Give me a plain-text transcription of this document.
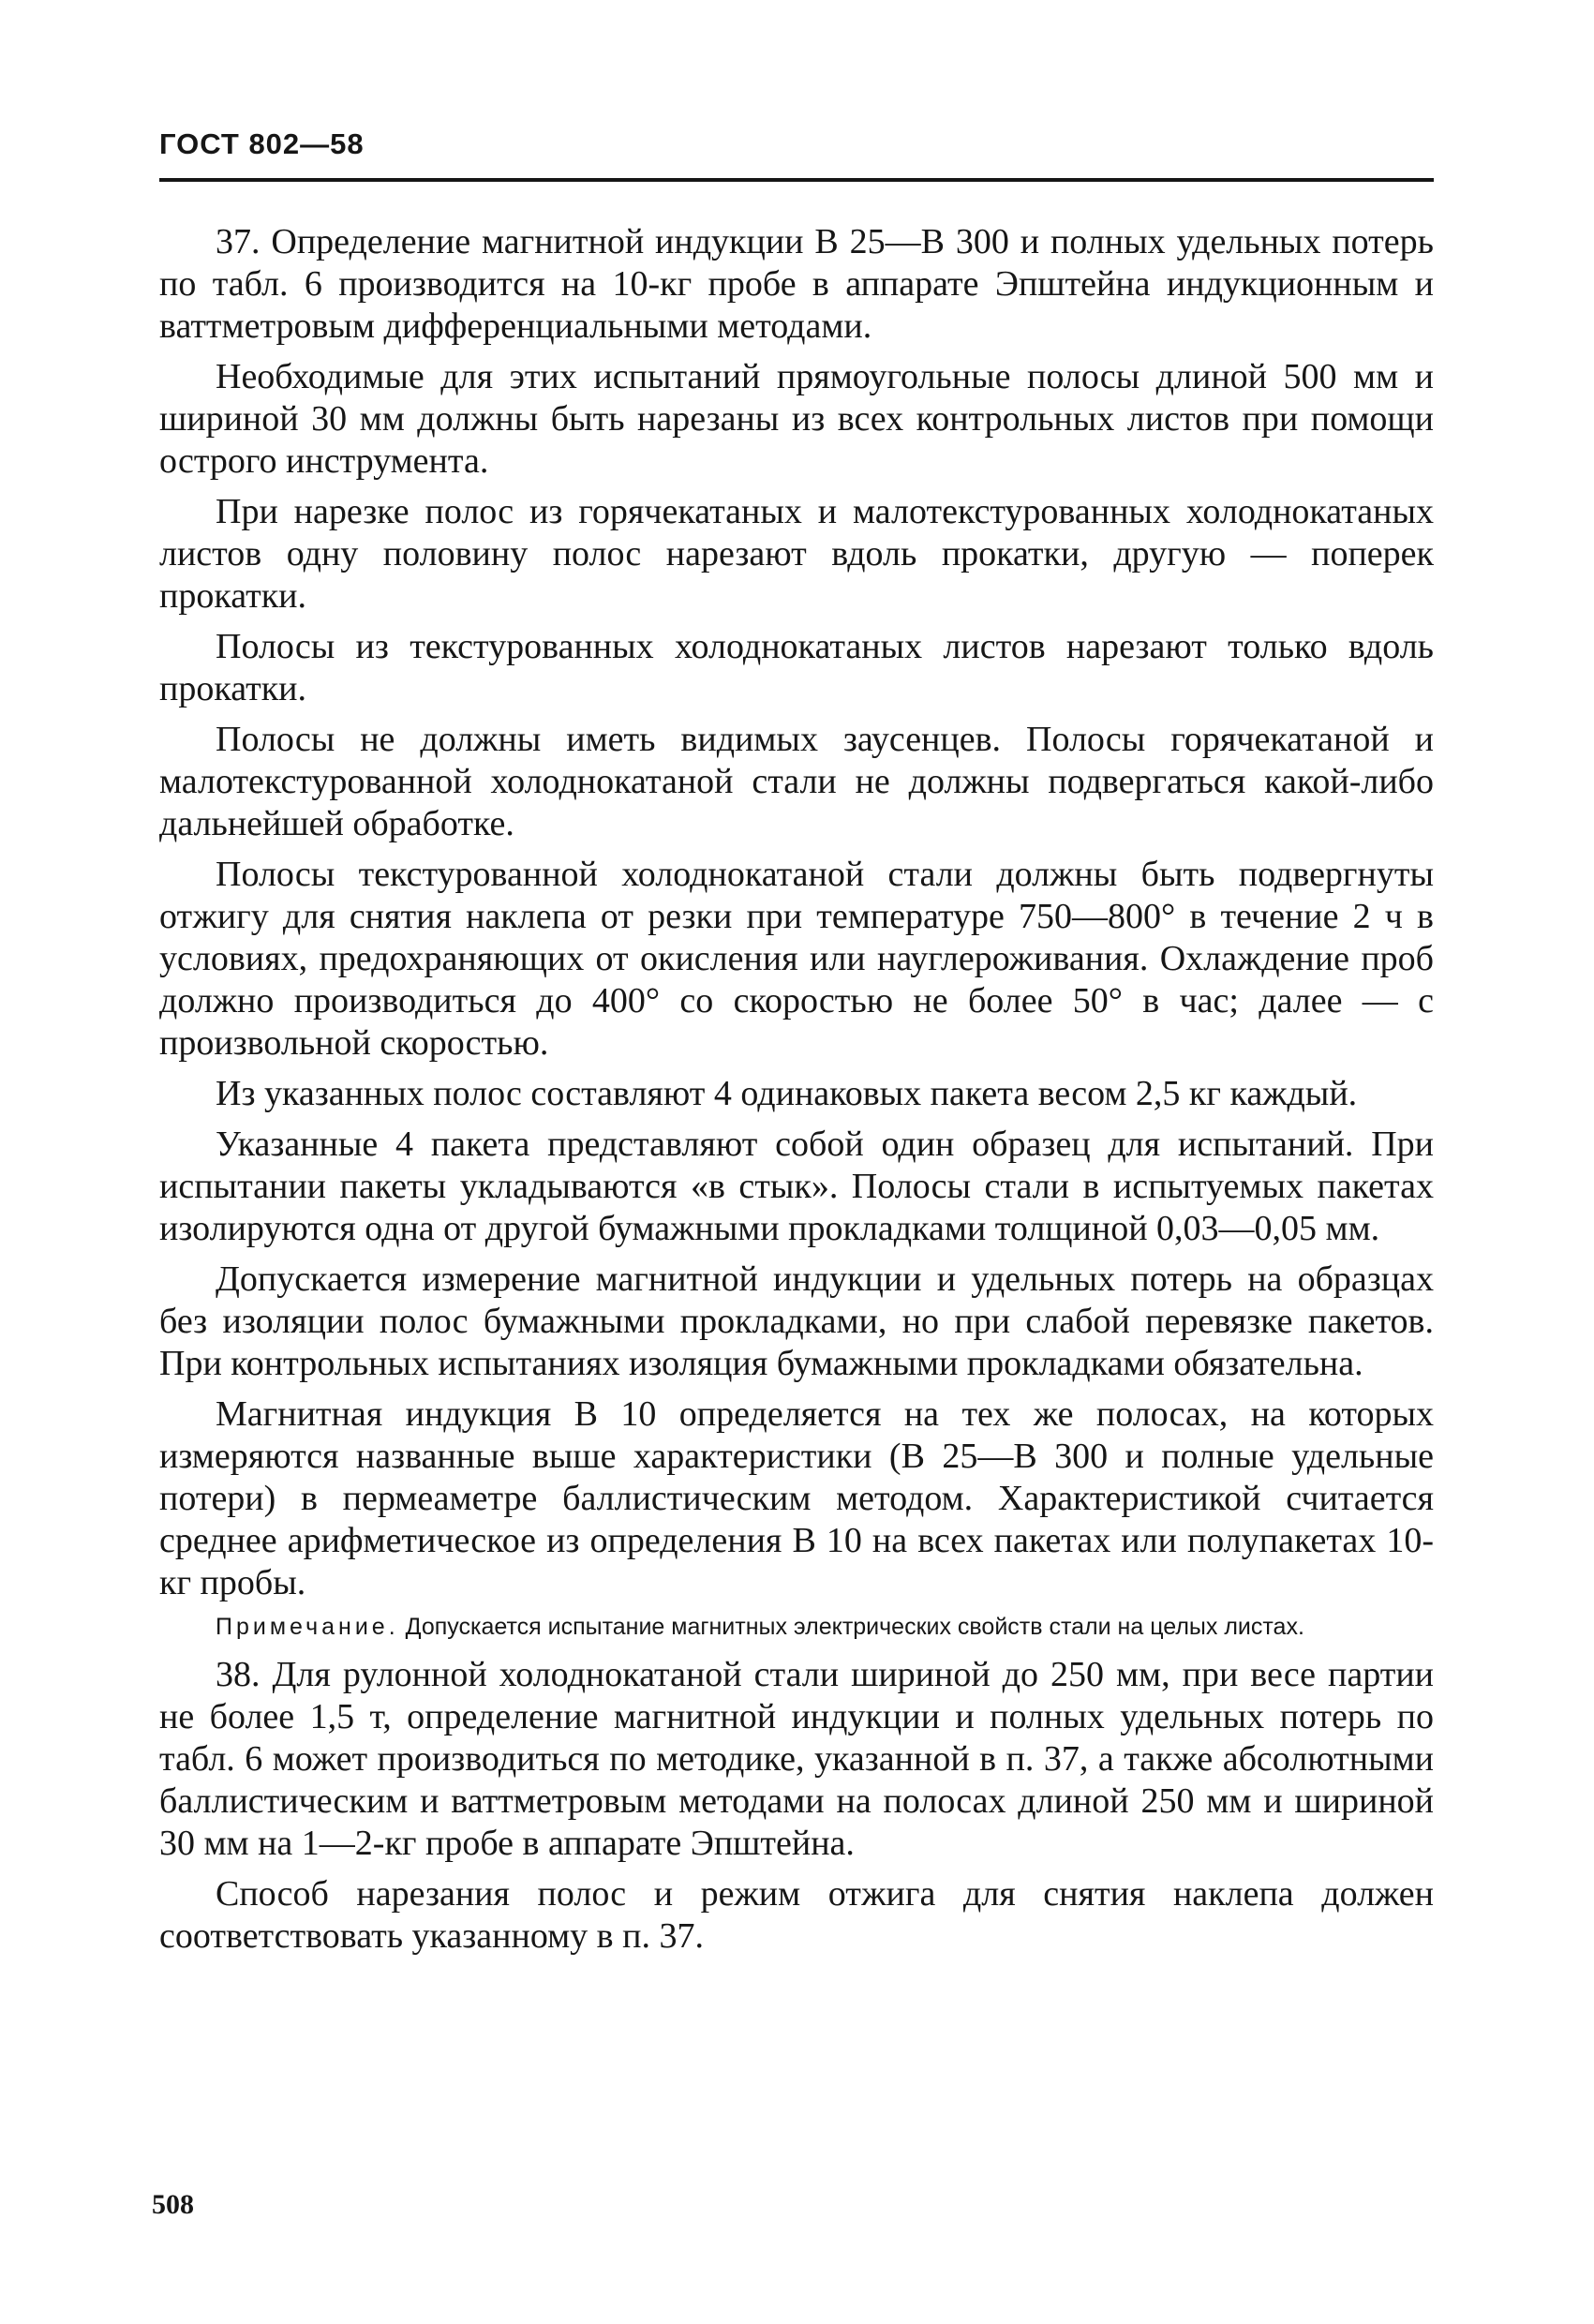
ГОСТ 802—58

37. Определение магнитной индукции В 25—В 300 и полных удельных потерь по табл. 6 производится на 10-кг пробе в аппарате Эпштейна индукционным и ваттметровым дифференциальными методами.

Необходимые для этих испытаний прямоугольные полосы длиной 500 мм и шириной 30 мм должны быть нарезаны из всех контрольных листов при помощи острого инструмента.

При нарезке полос из горячекатаных и малотекстурованных холоднокатаных листов одну половину полос нарезают вдоль прокатки, другую — поперек прокатки.

Полосы из текстурованных холоднокатаных листов нарезают только вдоль прокатки.

Полосы не должны иметь видимых заусенцев. Полосы горячекатаной и малотекстурованной холоднокатаной стали не должны подвергаться какой-либо дальнейшей обработке.

Полосы текстурованной холоднокатаной стали должны быть подвергнуты отжигу для снятия наклепа от резки при температуре 750—800° в течение 2 ч в условиях, предохраняющих от окисления или науглероживания. Охлаждение проб должно производиться до 400° со скоростью не более 50° в час; далее — с произвольной скоростью.

Из указанных полос составляют 4 одинаковых пакета весом 2,5 кг каждый.

Указанные 4 пакета представляют собой один образец для испытаний. При испытании пакеты укладываются «в стык». Полосы стали в испытуемых пакетах изолируются одна от другой бумажными прокладками толщиной 0,03—0,05 мм.

Допускается измерение магнитной индукции и удельных потерь на образцах без изоляции полос бумажными прокладками, но при слабой перевязке пакетов. При контрольных испытаниях изоляция бумажными прокладками обязательна.

Магнитная индукция В 10 определяется на тех же полосах, на которых измеряются названные выше характеристики (В 25—В 300 и полные удельные потери) в пермеаметре баллистическим методом. Характеристикой считается среднее арифметическое из определения В 10 на всех пакетах или полупакетах 10-кг пробы.

Примечание. Допускается испытание магнитных электрических свойств стали на целых листах.

38. Для рулонной холоднокатаной стали шириной до 250 мм, при весе партии не более 1,5 т, определение магнитной индукции и полных удельных потерь по табл. 6 может производиться по методике, указанной в п. 37, а также абсолютными баллистическим и ваттметровым методами на полосах длиной 250 мм и шириной 30 мм на 1—2-кг пробе в аппарате Эпштейна.

Способ нарезания полос и режим отжига для снятия наклепа должен соответствовать указанному в п. 37.

508
